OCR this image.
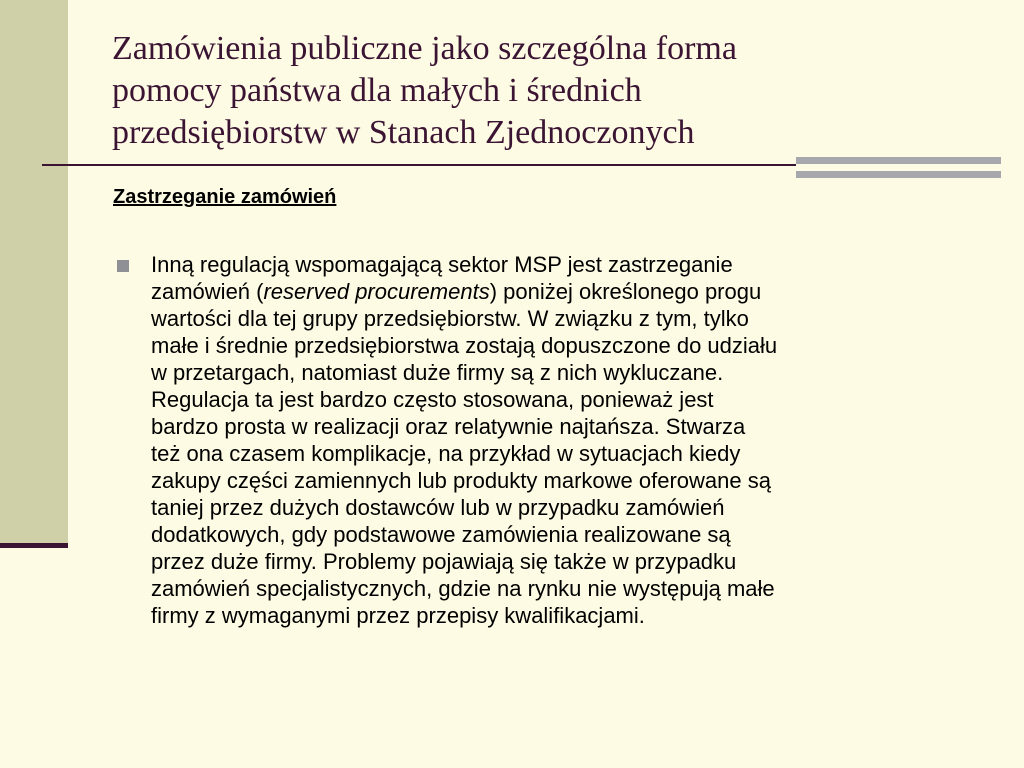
Zamówienia publiczne jako szczególna forma
pomocy państwa dla małych i średnich
przedsiębiorstw w Stanach Zjednoczonych
Zastrzeganie zamówień

Inną regulacją wspomagającą sektor MSP jest zastrzeganie
zamówień (reserved procurements) poniżej określonego progu
wartości dla tej grupy przedsiębiorstw. W związku z tym, tylko
małe i średnie przedsiębiorstwa zostają dopuszczone do udziału
w przetargach, natomiast duże firmy są z nich wykluczane.
Regulacja ta jest bardzo często stosowana, ponieważ jest
bardzo prosta w realizacji oraz relatywnie najtańsza. Stwarza
też ona czasem komplikacje, na przykład w sytuacjach kiedy
zakupy części zamiennych lub produkty markowe oferowane są
taniej przez dużych dostawców lub w przypadku zamówień
dodatkowych, gdy podstawowe zamówienia realizowane są
przez duże firmy. Problemy pojawiają się także w przypadku
zamówień specjalistycznych, gdzie na rynku nie występują małe
firmy z wymaganymi przez przepisy kwalifikacjami.
